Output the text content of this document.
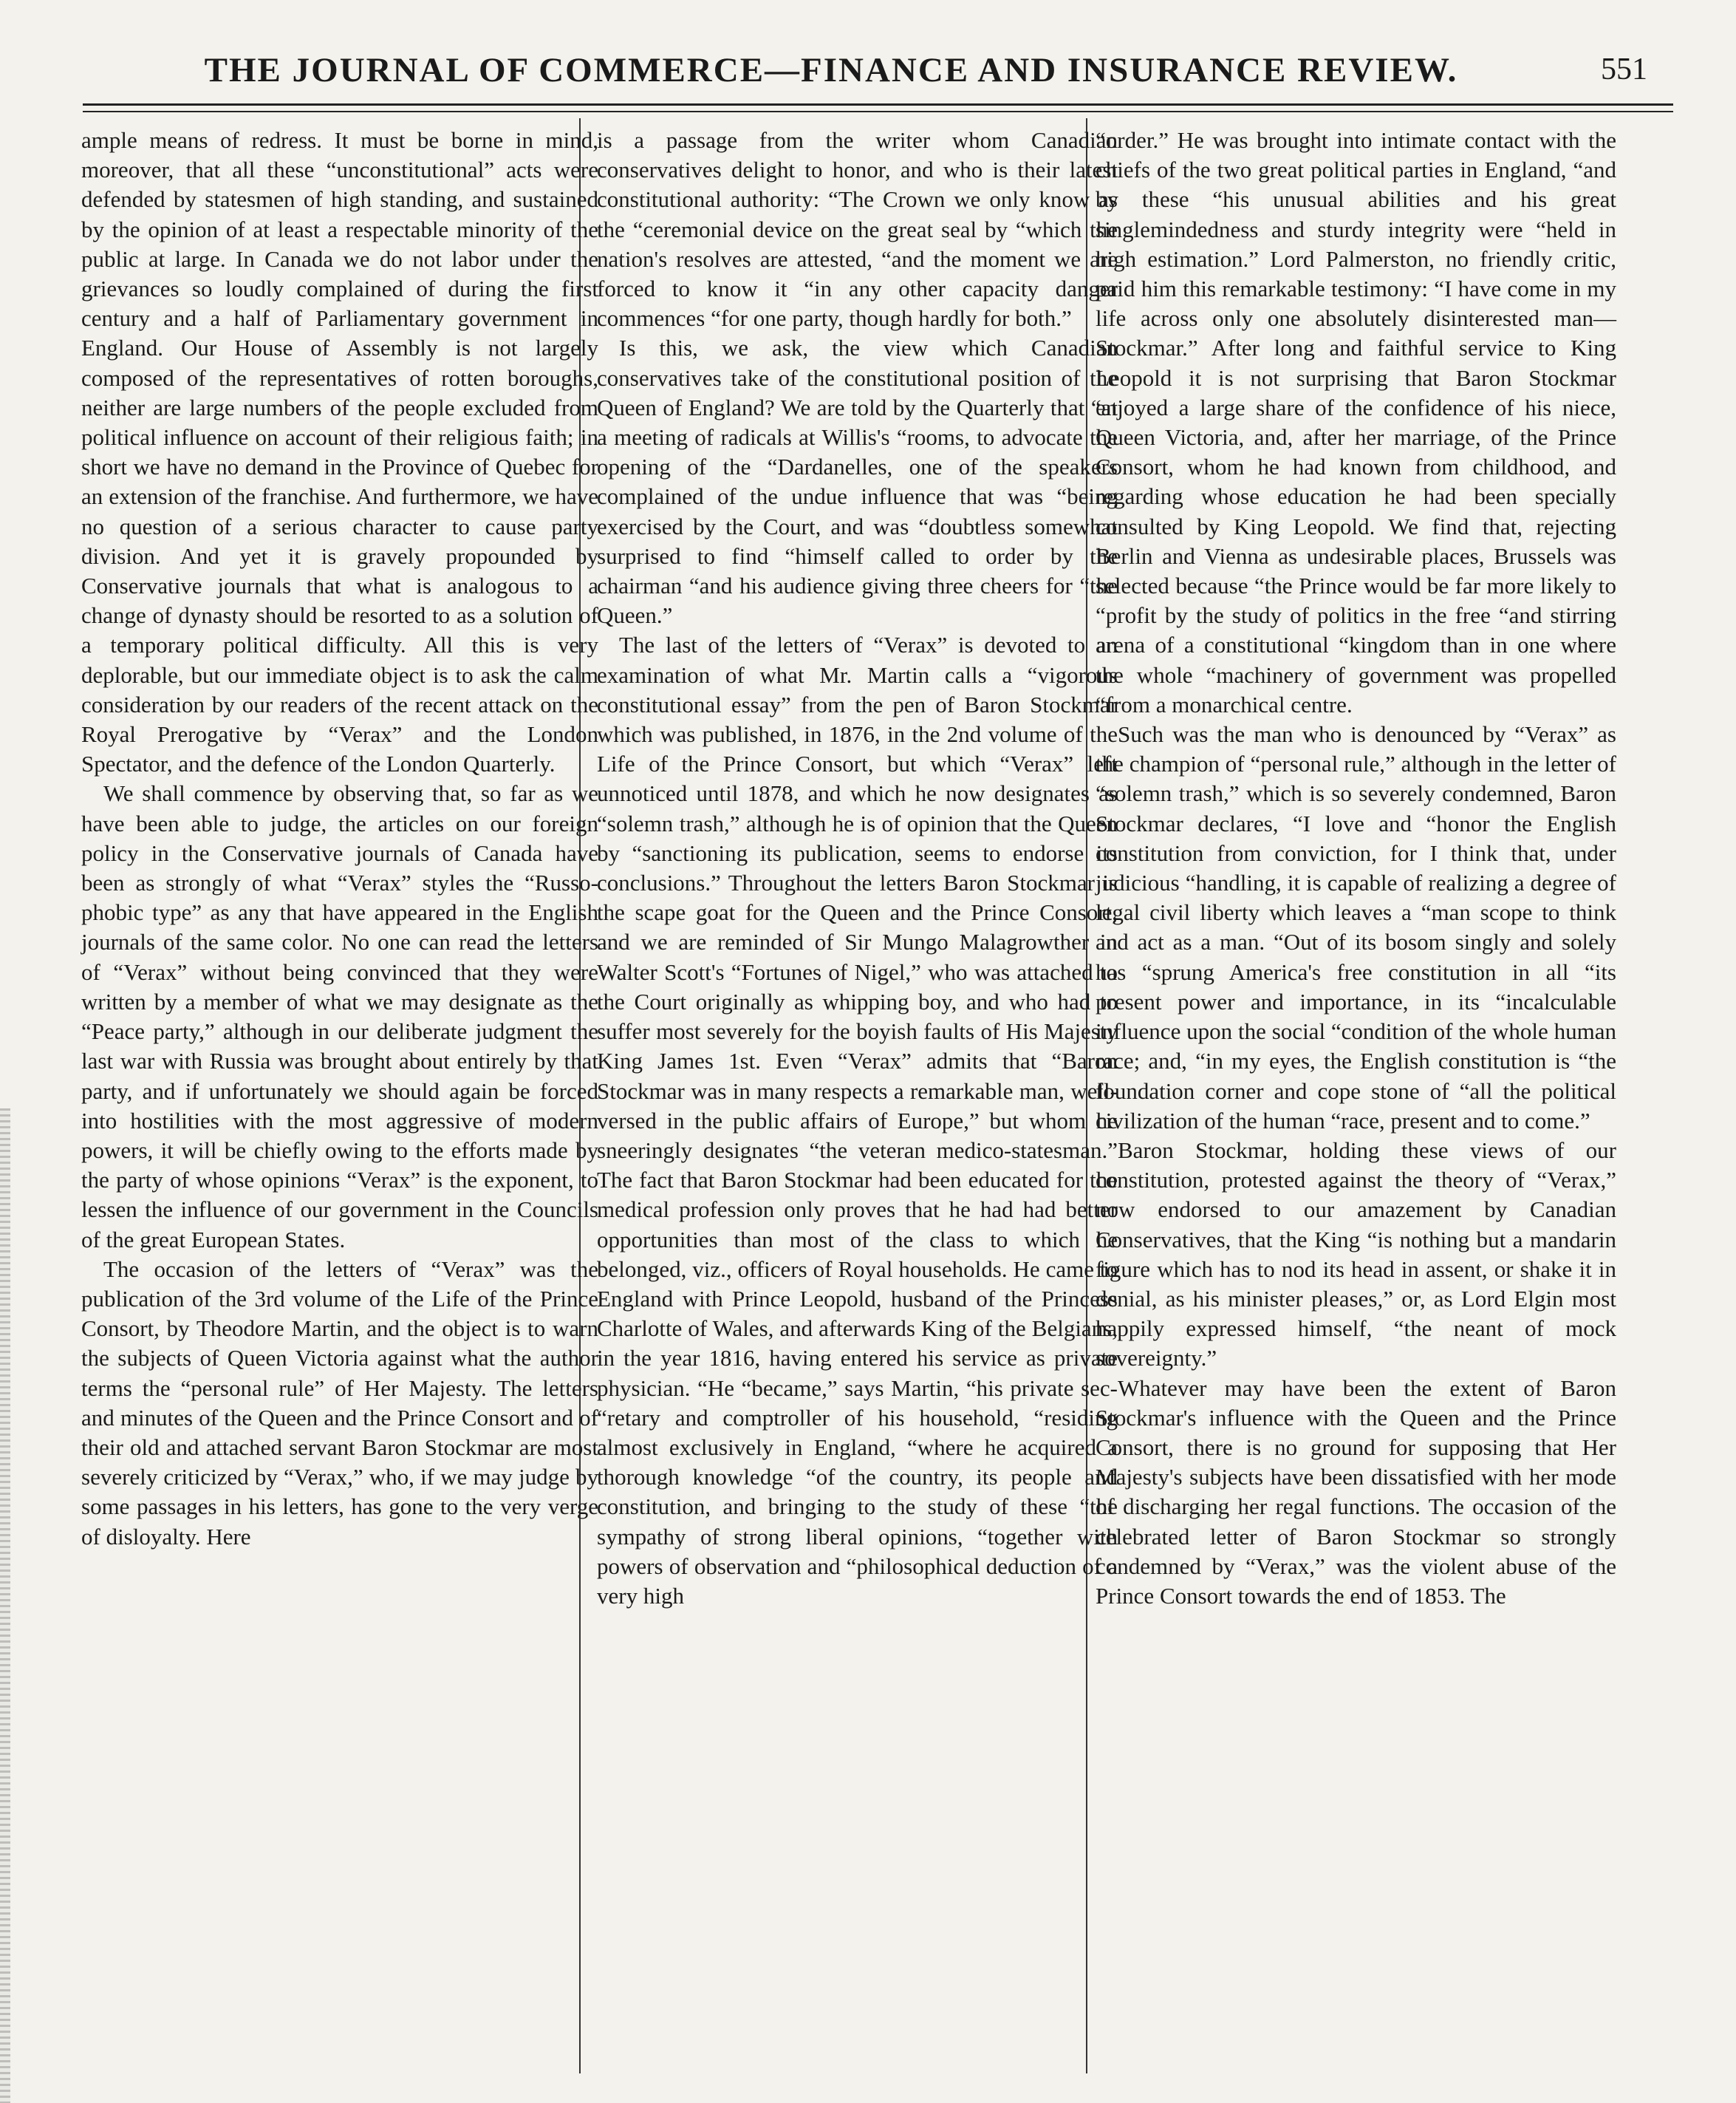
THE JOURNAL OF COMMERCE—FINANCE AND INSURANCE REVIEW.	551

ample means of redress. It must be borne in mind, moreover, that all these “unconstitutional” acts were defended by statesmen of high standing, and sustained by the opinion of at least a respectable minority of the public at large. In Canada we do not labor under the grievances so loudly complained of during the first century and a half of Parliamentary government in England. Our House of Assembly is not largely composed of the representatives of rotten boroughs, neither are large numbers of the people excluded from political influence on account of their religious faith; in short we have no demand in the Province of Quebec for an extension of the franchise. And furthermore, we have no question of a serious character to cause party division. And yet it is gravely propounded by Conservative journals that what is analogous to a change of dynasty should be resorted to as a solution of a temporary political difficulty. All this is very deplorable, but our immediate object is to ask the calm consideration by our readers of the recent attack on the Royal Prerogative by “Verax” and the London Spectator, and the defence of the London Quarterly.

We shall commence by observing that, so far as we have been able to judge, the articles on our foreign policy in the Conservative journals of Canada have been as strongly of what “Verax” styles the “Russo-phobic type” as any that have appeared in the English journals of the same color. No one can read the letters of “Verax” without being convinced that they were written by a member of what we may designate as the “Peace party,” although in our deliberate judgment the last war with Russia was brought about entirely by that party, and if unfortunately we should again be forced into hostilities with the most aggressive of modern powers, it will be chiefly owing to the efforts made by the party of whose opinions “Verax” is the exponent, to lessen the influence of our government in the Councils of the great European States.

The occasion of the letters of “Verax” was the publication of the 3rd volume of the Life of the Prince Consort, by Theodore Martin, and the object is to warn the subjects of Queen Victoria against what the author terms the “personal rule” of Her Majesty. The letters and minutes of the Queen and the Prince Consort and of their old and attached servant Baron Stockmar are most severely criticized by “Verax,” who, if we may judge by some passages in his letters, has gone to the very verge of disloyalty. Here

is a passage from the writer whom Canadian conservatives delight to honor, and who is their latest constitutional authority: “The Crown we only know as the “ceremonial device on the great seal by “which the nation's resolves are attested, “and the moment we are forced to know it “in any other capacity danger commences “for one party, though hardly for both.”

Is this, we ask, the view which Canadian conservatives take of the constitutional position of the Queen of England? We are told by the Quarterly that “at a meeting of radicals at Willis's “rooms, to advocate the opening of the “Dardanelles, one of the speakers complained of the undue influence that was “being exercised by the Court, and was “doubtless somewhat surprised to find “himself called to order by the chairman “and his audience giving three cheers for “the Queen.”

The last of the letters of “Verax” is devoted to an examination of what Mr. Martin calls a “vigorous constitutional essay” from the pen of Baron Stockmar which was published, in 1876, in the 2nd volume of the Life of the Prince Consort, but which “Verax” left unnoticed until 1878, and which he now designates as “solemn trash,” although he is of opinion that the Queen by “sanctioning its publication, seems to endorse its conclusions.” Throughout the letters Baron Stockmar is the scape goat for the Queen and the Prince Consort, and we are reminded of Sir Mungo Malagrowther in Walter Scott's “Fortunes of Nigel,” who was attached to the Court originally as whipping boy, and who had to suffer most severely for the boyish faults of His Majesty King James 1st. Even “Verax” admits that “Baron Stockmar was in many respects a remarkable man, well-versed in the public affairs of Europe,” but whom he sneeringly designates “the veteran medico-statesman.” The fact that Baron Stockmar had been educated for the medical profession only proves that he had had better opportunities than most of the class to which he belonged, viz., officers of Royal households. He came to England with Prince Leopold, husband of the Princess Charlotte of Wales, and afterwards King of the Belgians, in the year 1816, having entered his service as private physician. “He “became,” says Martin, “his private sec- “retary and comptroller of his household, “residing almost exclusively in England, “where he acquired a thorough knowledge “of the country, its people and constitution, and bringing to the study of these “the sympathy of strong liberal opinions, “together with powers of observation and “philosophical deduction of a very high

“order.” He was brought into intimate contact with the chiefs of the two great political parties in England, “and by these “his unusual abilities and his great singlemindedness and sturdy integrity were “held in high estimation.” Lord Palmerston, no friendly critic, paid him this remarkable testimony: “I have come in my life across only one absolutely disinterested man—Stockmar.” After long and faithful service to King Leopold it is not surprising that Baron Stockmar enjoyed a large share of the confidence of his niece, Queen Victoria, and, after her marriage, of the Prince Consort, whom he had known from childhood, and regarding whose education he had been specially consulted by King Leopold. We find that, rejecting Berlin and Vienna as undesirable places, Brussels was selected because “the Prince would be far more likely to “profit by the study of politics in the free “and stirring arena of a constitutional “kingdom than in one where the whole “machinery of government was propelled “from a monarchical centre.

Such was the man who is denounced by “Verax” as the champion of “personal rule,” although in the letter of “solemn trash,” which is so severely condemned, Baron Stockmar declares, “I love and “honor the English constitution from conviction, for I think that, under judicious “handling, it is capable of realizing a degree of legal civil liberty which leaves a “man scope to think and act as a man. “Out of its bosom singly and solely has “sprung America's free constitution in all “its present power and importance, in its “incalculable influence upon the social “condition of the whole human race; and, “in my eyes, the English constitution is “the foundation corner and cope stone of “all the political civilization of the human “race, present and to come.”

Baron Stockmar, holding these views of our constitution, protested against the theory of “Verax,” now endorsed to our amazement by Canadian Conservatives, that the King “is nothing but a mandarin figure which has to nod its head in assent, or shake it in denial, as his minister pleases,” or, as Lord Elgin most happily expressed himself, “the neant of mock sovereignty.”

Whatever may have been the extent of Baron Stockmar's influence with the Queen and the Prince Consort, there is no ground for supposing that Her Majesty's subjects have been dissatisfied with her mode of discharging her regal functions. The occasion of the celebrated letter of Baron Stockmar so strongly condemned by “Verax,” was the violent abuse of the Prince Consort towards the end of 1853. The
